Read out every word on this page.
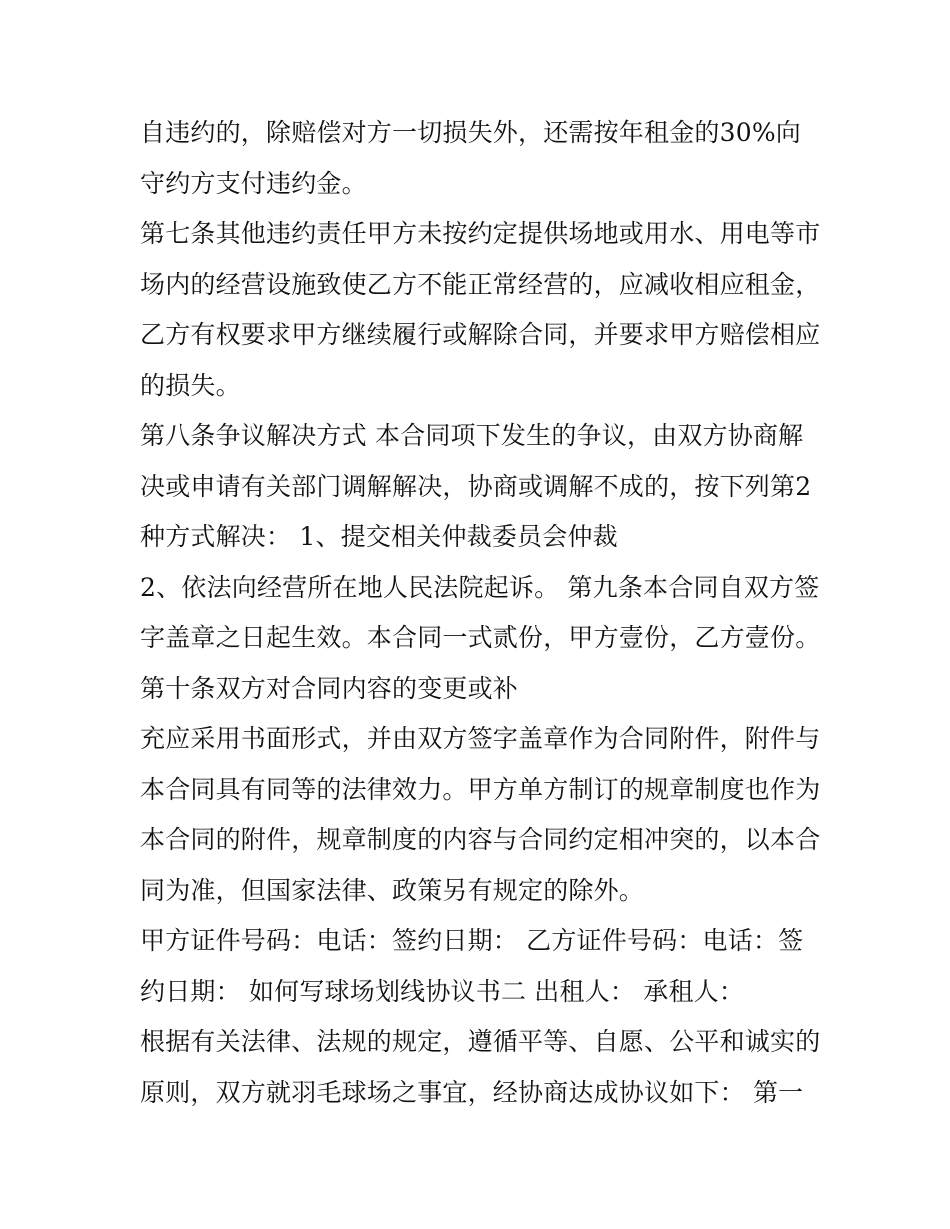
自违约的，除赔偿对方一切损失外，还需按年租金的30%向
守约方支付违约金。
第七条其他违约责任甲方未按约定提供场地或用水、用电等市
场内的经营设施致使乙方不能正常经营的，应减收相应租金，
乙方有权要求甲方继续履行或解除合同，并要求甲方赔偿相应
的损失。
第八条争议解决方式 本合同项下发生的争议，由双方协商解
决或申请有关部门调解解决，协商或调解不成的，按下列第2
种方式解决： 1、提交相关仲裁委员会仲裁
2、依法向经营所在地人民法院起诉。 第九条本合同自双方签
字盖章之日起生效。本合同一式贰份，甲方壹份，乙方壹份。
第十条双方对合同内容的变更或补
充应采用书面形式，并由双方签字盖章作为合同附件，附件与
本合同具有同等的法律效力。甲方单方制订的规章制度也作为
本合同的附件，规章制度的内容与合同约定相冲突的，以本合
同为准，但国家法律、政策另有规定的除外。
甲方证件号码：电话：签约日期： 乙方证件号码：电话：签
约日期： 如何写球场划线协议书二 出租人： 承租人：
根据有关法律、法规的规定，遵循平等、自愿、公平和诚实的
原则，双方就羽毛球场之事宜，经协商达成协议如下： 第一
